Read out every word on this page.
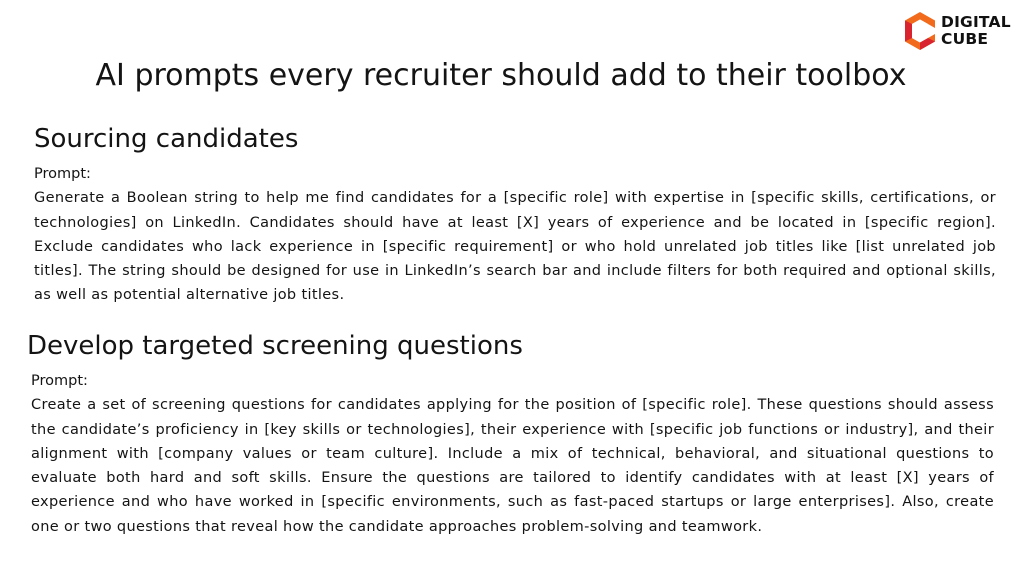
DIGITAL
CUBE
AI prompts every recruiter should add to their toolbox
Sourcing candidates
Prompt:

Generate a Boolean string to help me find candidates for a [specific role] with expertise in [specific skills, certifications, or technologies] on LinkedIn. Candidates should have at least [X] years of experience and be located in [specific region]. Exclude candidates who lack experience in [specific requirement] or who hold unrelated job titles like [list unrelated job titles]. The string should be designed for use in LinkedIn’s search bar and include filters for both required and optional skills, as well as potential alternative job titles.

Develop targeted screening questions
Prompt:

Create a set of screening questions for candidates applying for the position of [specific role]. These questions should assess the candidate’s proficiency in [key skills or technologies], their experience with [specific job functions or industry], and their alignment with [company values or team culture]. Include a mix of technical, behavioral, and situational questions to evaluate both hard and soft skills. Ensure the questions are tailored to identify candidates with at least [X] years of experience and who have worked in [specific environments, such as fast-paced startups or large enterprises]. Also, create one or two questions that reveal how the candidate approaches problem-solving and teamwork.
